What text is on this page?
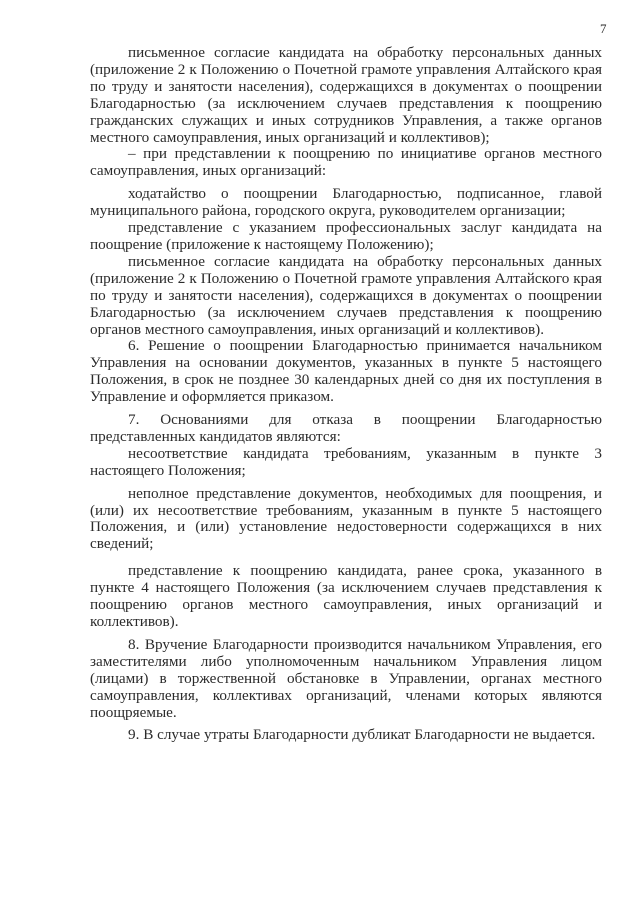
7

письменное согласие кандидата на обработку персональных данных (приложение 2 к Положению о Почетной грамоте управления Алтайского края по труду и занятости населения), содержащихся в документах о поощрении Благодарностью (за исключением случаев представления к поощрению гражданских служащих и иных сотрудников Управления, а также органов местного самоуправления, иных организаций и коллективов);

– при представлении к поощрению по инициативе органов местного самоуправления, иных организаций:

ходатайство о поощрении Благодарностью, подписанное, главой муниципального района, городского округа, руководителем организации;

представление с указанием профессиональных заслуг кандидата на поощрение (приложение к настоящему Положению);

письменное согласие кандидата на обработку персональных данных (приложение 2 к Положению о Почетной грамоте управления Алтайского края по труду и занятости населения), содержащихся в документах о поощрении Благодарностью (за исключением случаев представления к поощрению органов местного самоуправления, иных организаций и коллективов).

6. Решение о поощрении Благодарностью принимается начальником Управления на основании документов, указанных в пункте 5 настоящего Положения, в срок не позднее 30 календарных дней со дня их поступления в Управление и оформляется приказом.

7. Основаниями для отказа в поощрении Благодарностью представленных кандидатов являются:

несоответствие кандидата требованиям, указанным в пункте 3 настоящего Положения;

неполное представление документов, необходимых для поощрения, и (или) их несоответствие требованиям, указанным в пункте 5 настоящего Положения, и (или) установление недостоверности содержащихся в них сведений;

представление к поощрению кандидата, ранее срока, указанного в пункте 4 настоящего Положения (за исключением случаев представления к поощрению органов местного самоуправления, иных организаций и коллективов).

8. Вручение Благодарности производится начальником Управления, его заместителями либо уполномоченным начальником Управления лицом (лицами) в торжественной обстановке в Управлении, органах местного самоуправления, коллективах организаций, членами которых являются поощряемые.

9. В случае утраты Благодарности дубликат Благодарности не выдается.
